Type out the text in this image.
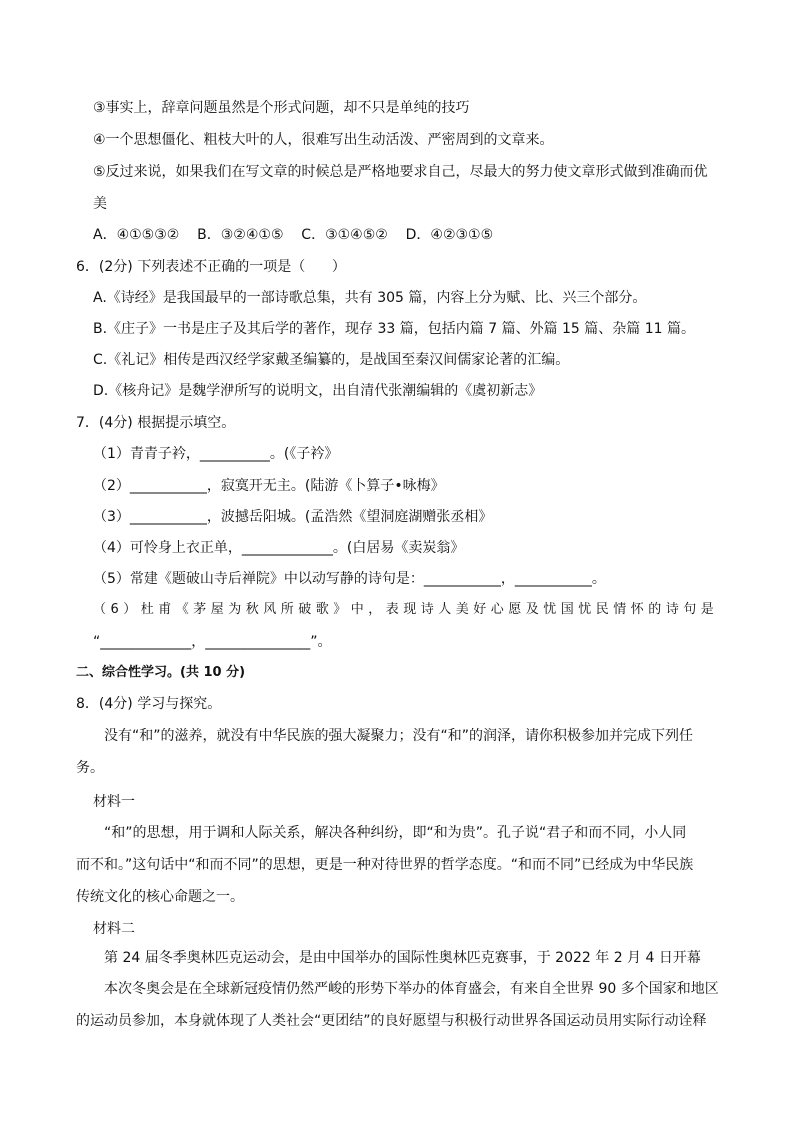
③事实上，辞章问题虽然是个形式问题，却不只是单纯的技巧
④一个思想僵化、粗枝大叶的人，很难写出生动活泼、严密周到的文章来。
⑤反过来说，如果我们在写文章的时候总是严格地要求自己，尽最大的努力使文章形式做到准确而优
美
A．④①⑤③②    B．③②④①⑤    C．③①④⑤②    D．④②③①⑤
6．(2分) 下列表述不正确的一项是（      ）
A.《诗经》是我国最早的一部诗歌总集，共有 305 篇，内容上分为赋、比、兴三个部分。
B.《庄子》一书是庄子及其后学的著作，现存 33 篇，包括内篇 7 篇、外篇 15 篇、杂篇 11 篇。
C.《礼记》相传是西汉经学家戴圣编纂的，是战国至秦汉间儒家论著的汇编。
D.《核舟记》是魏学洢所写的说明文，出自清代张潮编辑的《虞初新志》
7．(4分) 根据提示填空。
（1）青青子衿，__________。(《子衿》
（2）___________，寂寞开无主。(陆游《卜算子•咏梅》
（3）___________，波撼岳阳城。(孟浩然《望洞庭湖赠张丞相》
（4）可怜身上衣正单，_____________。(白居易《卖炭翁》
（5）常建《题破山寺后禅院》中以动写静的诗句是：___________，___________。
（6）杜甫《茅屋为秋风所破歌》中，表现诗人美好心愿及忧国忧民情怀的诗句是
“_____________，_______________”。
二、综合性学习。(共 10 分)
8．(4分) 学习与探究。
没有“和”的滋养，就没有中华民族的强大凝聚力；没有“和”的润泽，请你积极参加并完成下列任
务。
材料一
“和”的思想，用于调和人际关系，解决各种纠纷，即“和为贵”。孔子说“君子和而不同，小人同
而不和。”这句话中“和而不同”的思想，更是一种对待世界的哲学态度。“和而不同”已经成为中华民族
传统文化的核心命题之一。
材料二
第 24 届冬季奥林匹克运动会，是由中国举办的国际性奥林匹克赛事，于 2022 年 2 月 4 日开幕
本次冬奥会是在全球新冠疫情仍然严峻的形势下举办的体育盛会，有来自全世界 90 多个国家和地区
的运动员参加，本身就体现了人类社会“更团结”的良好愿望与积极行动世界各国运动员用实际行动诠释
